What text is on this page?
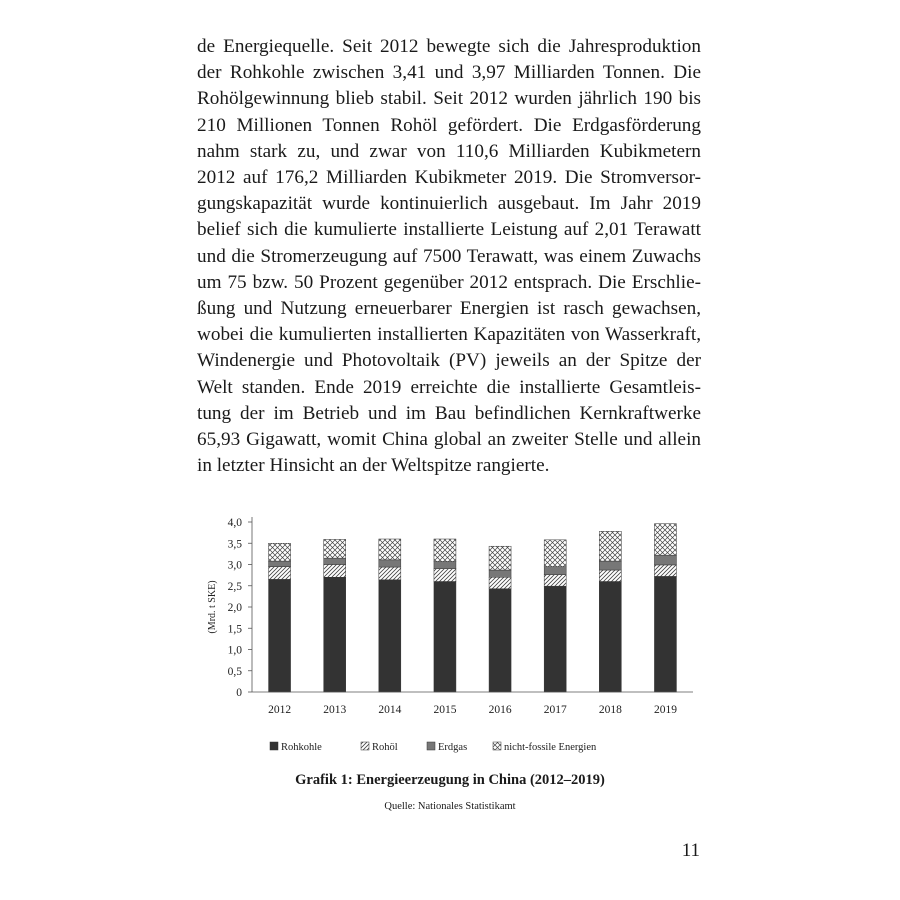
de Energiequelle. Seit 2012 bewegte sich die Jahresproduktion
der Rohkohle zwischen 3,41 und 3,97 Milliarden Tonnen. Die
Rohölgewinnung blieb stabil. Seit 2012 wurden jährlich 190 bis
210 Millionen Tonnen Rohöl gefördert. Die Erdgasförderung
nahm stark zu, und zwar von 110,6 Milliarden Kubikmetern
2012 auf 176,2 Milliarden Kubikmeter 2019. Die Stromversor-
gungskapazität wurde kontinuierlich ausgebaut. Im Jahr 2019
belief sich die kumulierte installierte Leistung auf 2,01 Terawatt
und die Stromerzeugung auf 7500 Terawatt, was einem Zuwachs
um 75 bzw. 50 Prozent gegenüber 2012 entsprach. Die Erschlie-
ßung und Nutzung erneuerbarer Energien ist rasch gewachsen,
wobei die kumulierten installierten Kapazitäten von Wasserkraft,
Windenergie und Photovoltaik (PV) jeweils an der Spitze der
Welt standen. Ende 2019 erreichte die installierte Gesamtleis-
tung der im Betrieb und im Bau befindlichen Kernkraftwerke
65,93 Gigawatt, womit China global an zweiter Stelle und allein
in letzter Hinsicht an der Weltspitze rangierte.
(Mrd. t SKE)
0
0,5
1,0
1,5
2,0
2,5
3,0
3,5
4,0
2012	2013	2014	2015	2016	2017	2018	2019
Rohkohle	Rohöl	Erdgas	nicht-fossile Energien

Grafik 1: Energieerzeugung in China (2012–2019)

Quelle: Nationales Statistikamt

11
